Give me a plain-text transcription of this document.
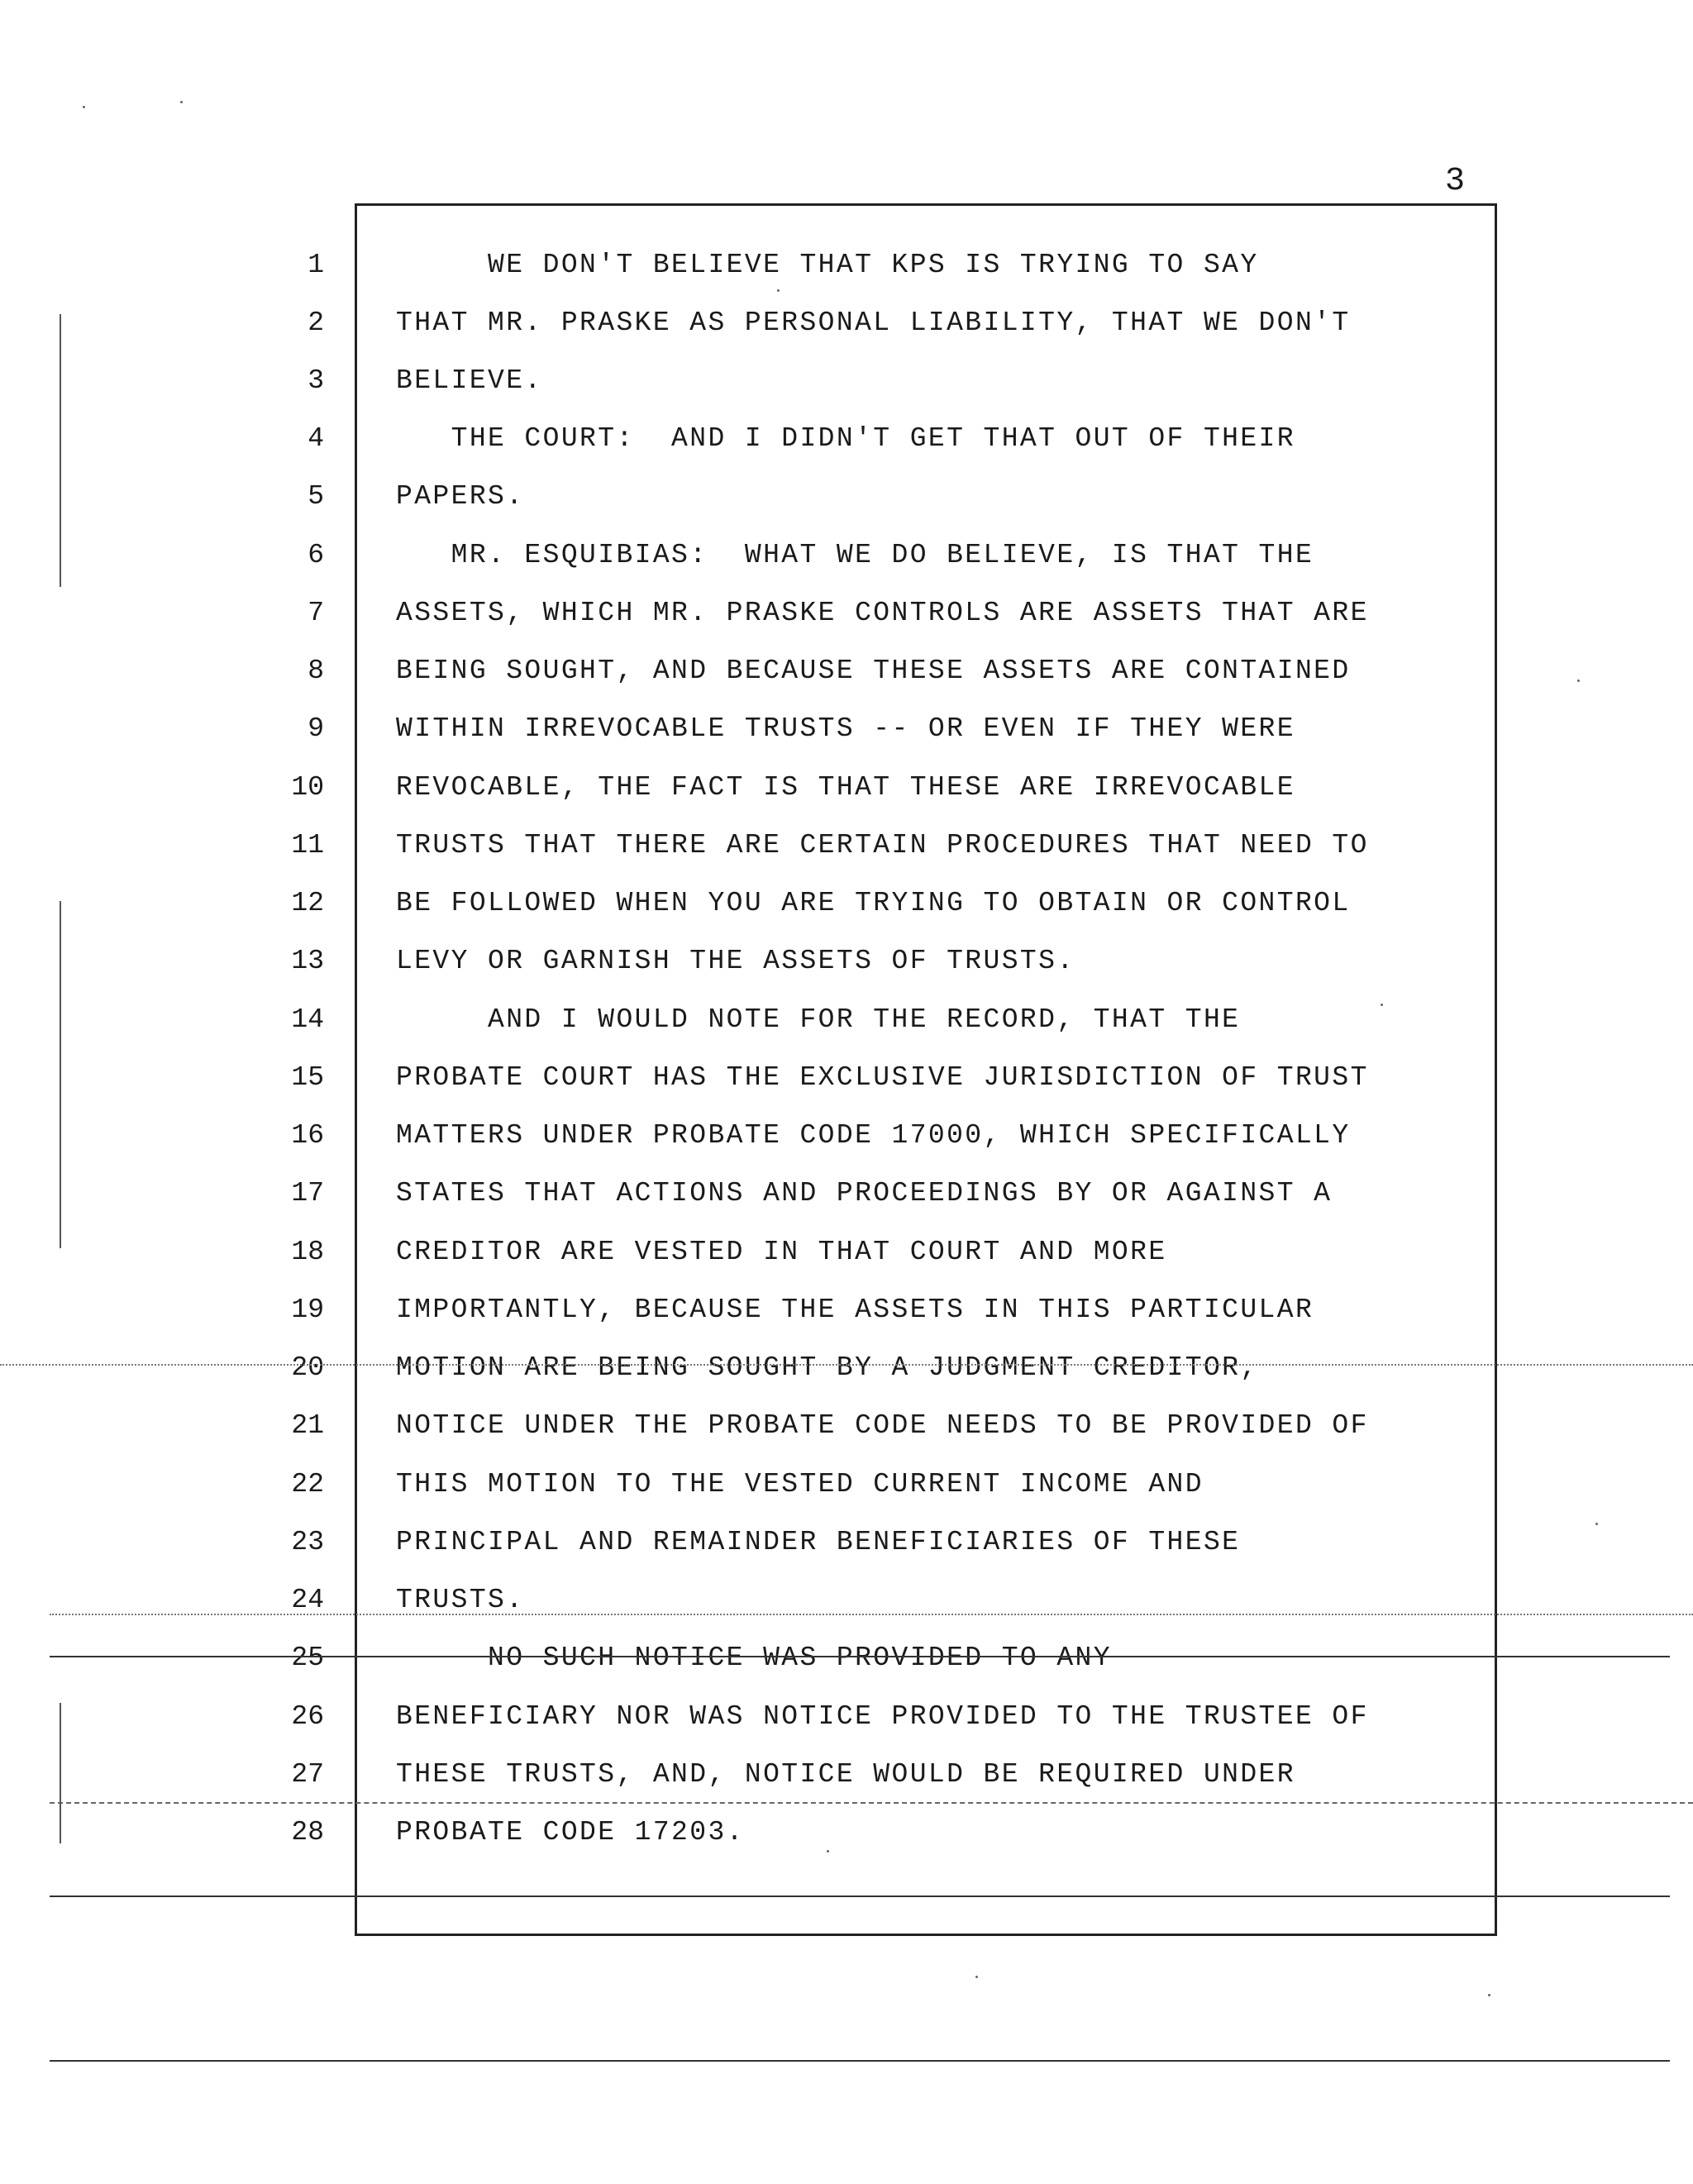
3
1	WE DON'T BELIEVE THAT KPS IS TRYING TO SAY
2	THAT MR. PRASKE AS PERSONAL LIABILITY, THAT WE DON'T
3	BELIEVE.
4	THE COURT:  AND I DIDN'T GET THAT OUT OF THEIR
5	PAPERS.
6	MR. ESQUIBIAS:  WHAT WE DO BELIEVE, IS THAT THE
7	ASSETS, WHICH MR. PRASKE CONTROLS ARE ASSETS THAT ARE
8	BEING SOUGHT, AND BECAUSE THESE ASSETS ARE CONTAINED
9	WITHIN IRREVOCABLE TRUSTS -- OR EVEN IF THEY WERE
10	REVOCABLE, THE FACT IS THAT THESE ARE IRREVOCABLE
11	TRUSTS THAT THERE ARE CERTAIN PROCEDURES THAT NEED TO
12	BE FOLLOWED WHEN YOU ARE TRYING TO OBTAIN OR CONTROL
13	LEVY OR GARNISH THE ASSETS OF TRUSTS.
14	AND I WOULD NOTE FOR THE RECORD, THAT THE
15	PROBATE COURT HAS THE EXCLUSIVE JURISDICTION OF TRUST
16	MATTERS UNDER PROBATE CODE 17000, WHICH SPECIFICALLY
17	STATES THAT ACTIONS AND PROCEEDINGS BY OR AGAINST A
18	CREDITOR ARE VESTED IN THAT COURT AND MORE
19	IMPORTANTLY, BECAUSE THE ASSETS IN THIS PARTICULAR
20	MOTION ARE BEING SOUGHT BY A JUDGMENT CREDITOR,
21	NOTICE UNDER THE PROBATE CODE NEEDS TO BE PROVIDED OF
22	THIS MOTION TO THE VESTED CURRENT INCOME AND
23	PRINCIPAL AND REMAINDER BENEFICIARIES OF THESE
24	TRUSTS.
25	NO SUCH NOTICE WAS PROVIDED TO ANY
26	BENEFICIARY NOR WAS NOTICE PROVIDED TO THE TRUSTEE OF
27	THESE TRUSTS, AND, NOTICE WOULD BE REQUIRED UNDER
28	PROBATE CODE 17203.
